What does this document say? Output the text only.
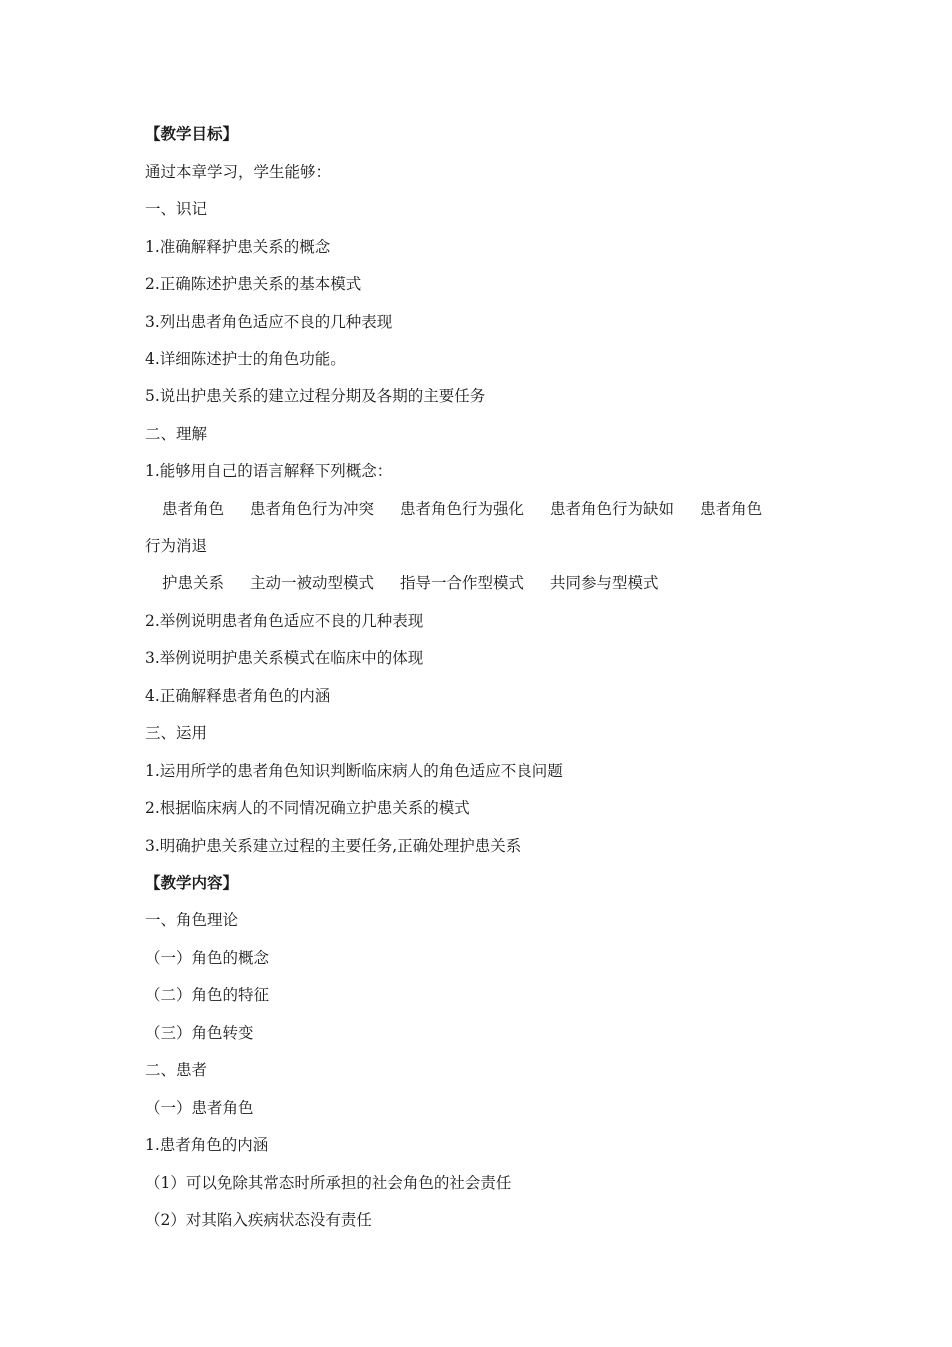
【教学目标】
通过本章学习，学生能够：
一、识记
1.准确解释护患关系的概念
2.正确陈述护患关系的基本模式
3.列出患者角色适应不良的几种表现
4.详细陈述护士的角色功能。
5.说出护患关系的建立过程分期及各期的主要任务
二、理解
1.能够用自己的语言解释下列概念：
患者角色 患者角色行为冲突 患者角色行为强化 患者角色行为缺如 患者角色
行为消退
护患关系 主动一被动型模式 指导一合作型模式 共同参与型模式
2.举例说明患者角色适应不良的几种表现
3.举例说明护患关系模式在临床中的体现
4.正确解释患者角色的内涵
三、运用
1.运用所学的患者角色知识判断临床病人的角色适应不良问题
2.根据临床病人的不同情况确立护患关系的模式
3.明确护患关系建立过程的主要任务,正确处理护患关系
【教学内容】
一、角色理论
（一）角色的概念
（二）角色的特征
（三）角色转变
二、患者
（一）患者角色
1.患者角色的内涵
（1）可以免除其常态时所承担的社会角色的社会责任
（2）对其陷入疾病状态没有责任
